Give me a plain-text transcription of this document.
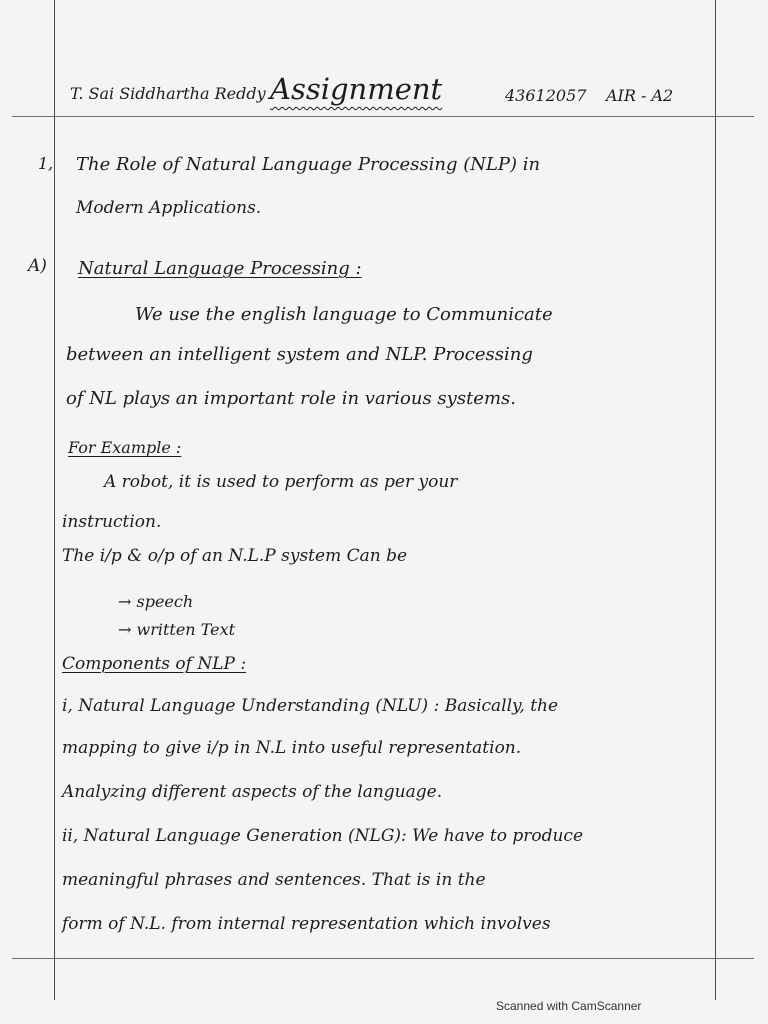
T. Sai Siddhartha Reddy Assignment	43612057 AIR - A2
1, The Role of Natural Language Processing (NLP) in
Modern Applications.
A) Natural Language Processing :
We use the english language to Communicate
between an intelligent system and NLP. Processing
of NL plays an important role in various systems.
For Example :
A robot, it is used to perform as per your
instruction.
The i/p & o/p of an N.L.P system Can be
→ speech
→ written Text
Components of NLP :
i, Natural Language Understanding (NLU) : Basically, the
mapping to give i/p in N.L into useful representation.
Analyzing different aspects of the language.
ii, Natural Language Generation (NLG): We have to produce
meaningful phrases and sentences. That is in the
form of N.L. from internal representation which involves
Scanned with CamScanner
